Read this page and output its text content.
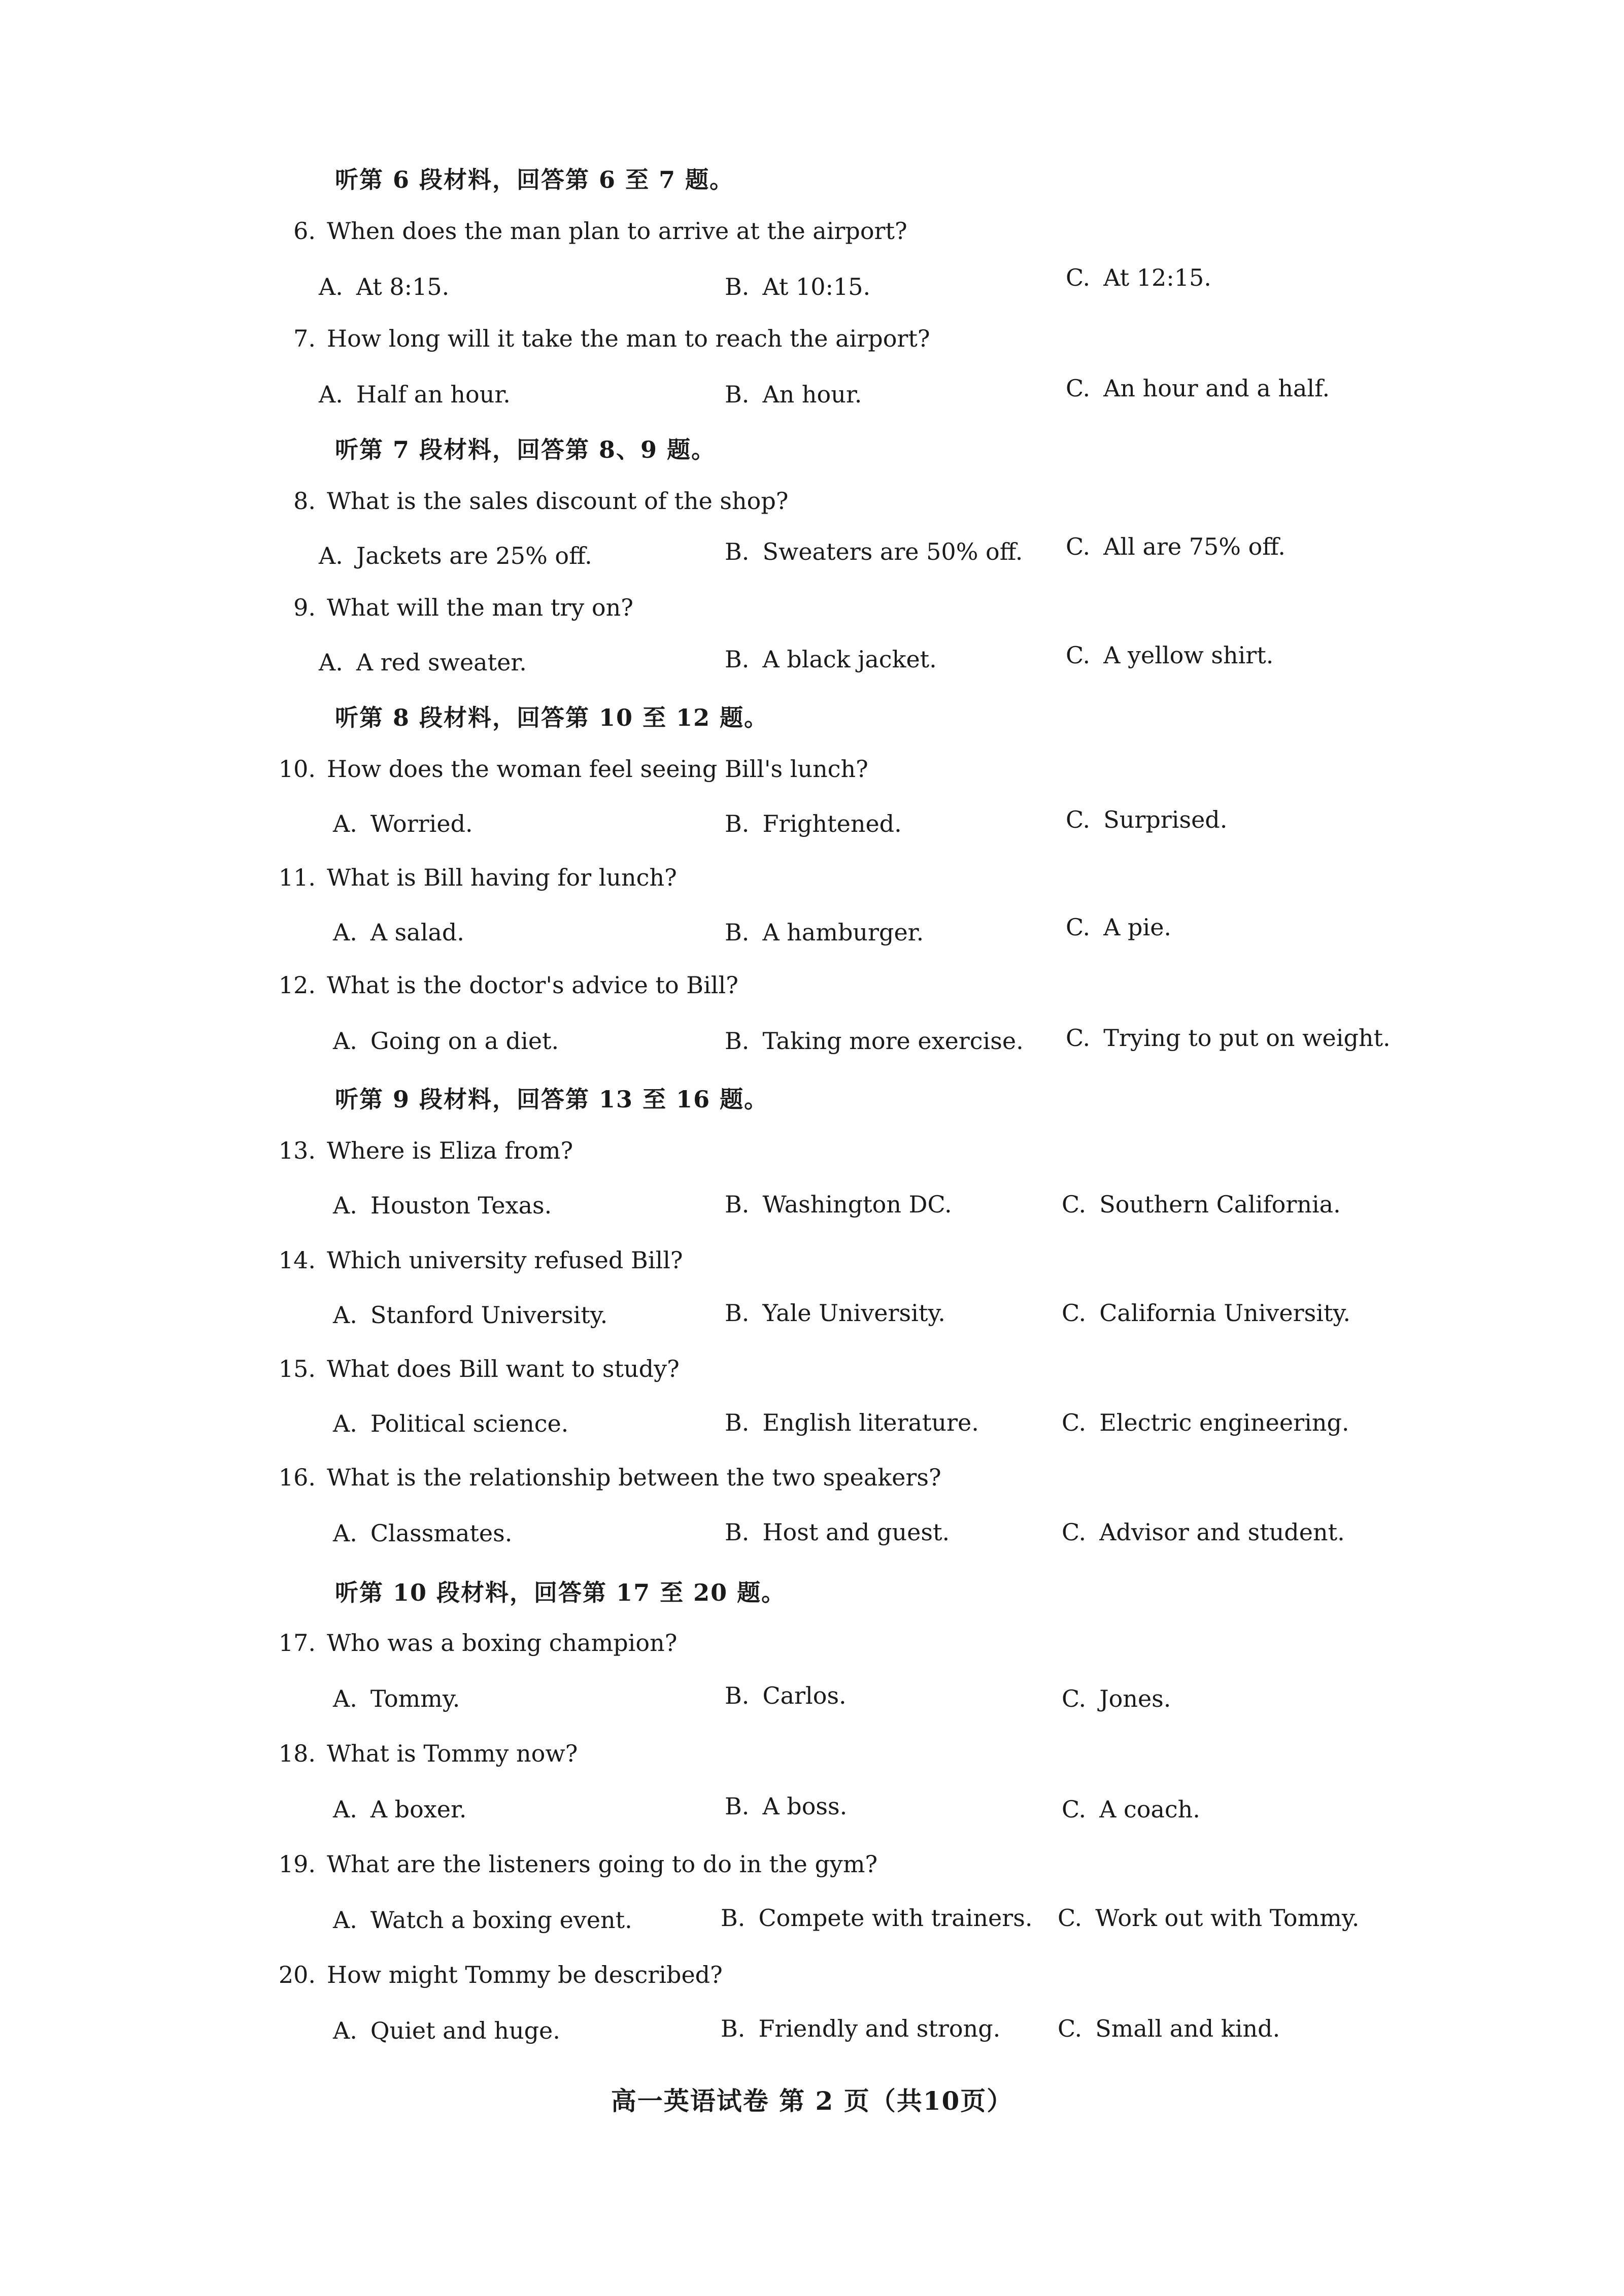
听第 6 段材料，回答第 6 至 7 题。
6. When does the man plan to arrive at the airport?
A. At 8:15.	B. At 10:15.	C. At 12:15.
7. How long will it take the man to reach the airport?
A. Half an hour.	B. An hour.	C. An hour and a half.
听第 7 段材料，回答第 8、9 题。
8. What is the sales discount of the shop?
A. Jackets are 25% off.	B. Sweaters are 50% off. C. All are 75% off.
9. What will the man try on?
A. A red sweater.	B. A black jacket.	C. A yellow shirt.
听第 8 段材料，回答第 10 至 12 题。
10. How does the woman feel seeing Bill's lunch?
A. Worried.	B. Frightened.	C. Surprised.
11. What is Bill having for lunch?
A. A salad.	B. A hamburger.	C. A pie.
12. What is the doctor's advice to Bill?
A. Going on a diet.	B. Taking more exercise. C. Trying to put on weight.
听第 9 段材料，回答第 13 至 16 题。
13. Where is Eliza from?
A. Houston Texas.	B. Washington DC.	C. Southern California.
14. Which university refused Bill?
A. Stanford University.	B. Yale University.	C. California University.
15. What does Bill want to study?
A. Political science.	B. English literature.	C. Electric engineering.
16. What is the relationship between the two speakers?
A. Classmates.	B. Host and guest.	C. Advisor and student.
听第 10 段材料，回答第 17 至 20 题。
17. Who was a boxing champion?
A. Tommy.	B. Carlos.	C. Jones.
18. What is Tommy now?
A. A boxer.	B. A boss.	C. A coach.
19. What are the listeners going to do in the gym?
A. Watch a boxing event.	B. Compete with trainers. C. Work out with Tommy.
20. How might Tommy be described?
A. Quiet and huge.	B. Friendly and strong. C. Small and kind.
高一英语试卷 第 2 页（共10页）
